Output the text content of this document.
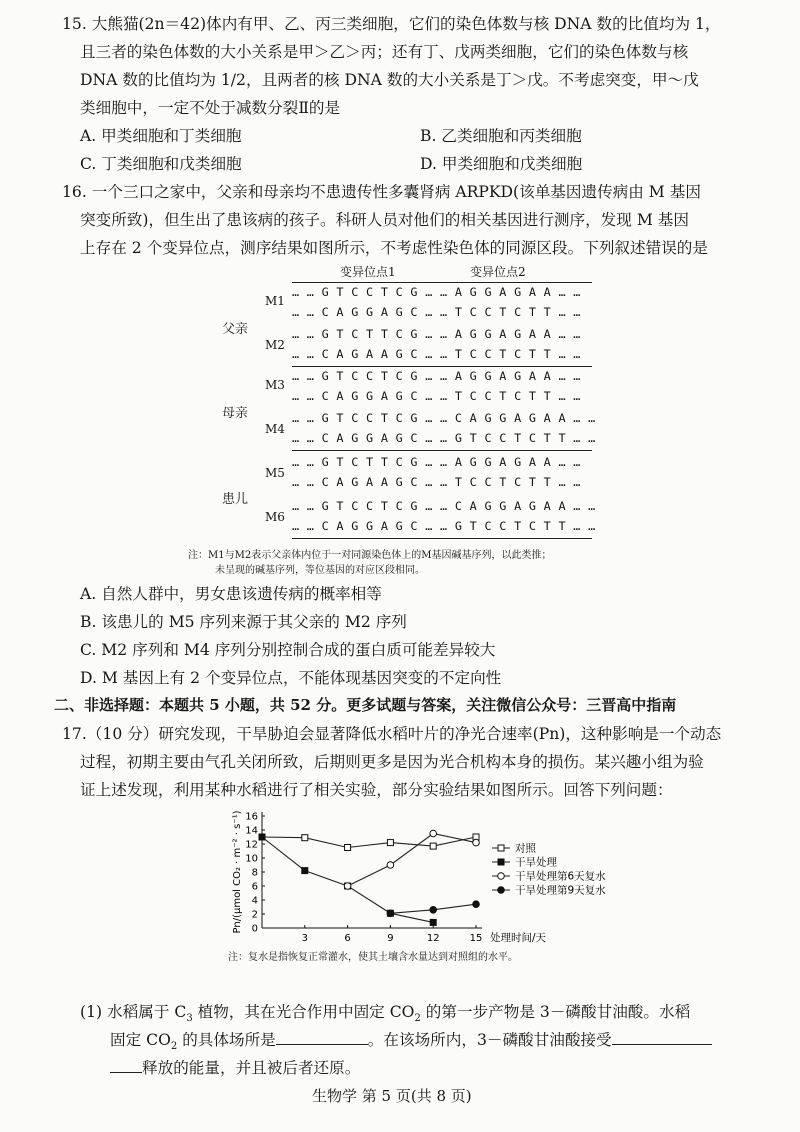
15. 大熊猫(2n＝42)体内有甲、乙、丙三类细胞，它们的染色体数与核 DNA 数的比值均为 1，
且三者的染色体数的大小关系是甲＞乙＞丙；还有丁、戊两类细胞，它们的染色体数与核
DNA 数的比值均为 1/2，且两者的核 DNA 数的大小关系是丁＞戊。不考虑突变，甲～戊
类细胞中，一定不处于减数分裂Ⅱ的是
A. 甲类细胞和丁类细胞	B. 乙类细胞和丙类细胞
C. 丁类细胞和戊类细胞	D. 甲类细胞和戊类细胞
16. 一个三口之家中，父亲和母亲均不患遗传性多囊肾病 ARPKD(该单基因遗传病由 M 基因
突变所致)，但生出了患该病的孩子。科研人员对他们的相关基因进行测序，发现 M 基因
上存在 2 个变异位点，测序结果如图所示，不考虑性染色体的同源区段。下列叙述错误的是
变异位点1	变异位点2
M1
… … G T C C T C G … … A G G A G A A … …
… … C A G G A G C … … T C C T C T T … …
父亲
M2
… … G T C T T C G … … A G G A G A A … …
… … C A G A A G C … … T C C T C T T … …
M3
… … G T C C T C G … … A G G A G A A … …
… … C A G G A G C … … T C C T C T T … …
母亲
M4
… … G T C C T C G … … C A G G A G A A … …
… … C A G G A G C … … G T C C T C T T … …
M5
… … G T C T T C G … … A G G A G A A … …
… … C A G A A G C … … T C C T C T T … …
患儿
M6
… … G T C C T C G … … C A G G A G A A … …
… … C A G G A G C … … G T C C T C T T … …
注：M1与M2表示父亲体内位于一对同源染色体上的M基因碱基序列，以此类推；
未呈现的碱基序列，等位基因的对应区段相同。
A. 自然人群中，男女患该遗传病的概率相等
B. 该患儿的 M5 序列来源于其父亲的 M2 序列
C. M2 序列和 M4 序列分别控制合成的蛋白质可能差异较大
D. M 基因上有 2 个变异位点，不能体现基因突变的不定向性
二、非选择题：本题共 5 小题，共 52 分。更多试题与答案，关注微信公众号：三晋高中指南
17.（10 分）研究发现，干旱胁迫会显著降低水稻叶片的净光合速率(Pn)，这种影响是一个动态
过程，初期主要由气孔关闭所致，后期则更多是因为光合机构本身的损伤。某兴趣小组为验
证上述发现，利用某种水稻进行了相关实验，部分实验结果如图所示。回答下列问题：
0
2
4
6
8
10
12
14
16
3	6	9	12	15 处理时间/天
Pn/(μmol CO₂ · m⁻² · s⁻¹)	对照
干旱处理
干旱处理第6天复水
干旱处理第9天复水
注：复水是指恢复正常灌水，使其土壤含水量达到对照组的水平。
(1) 水稻属于 $C_3$ 植物，其在光合作用中固定 $CO_2$ 的第一步产物是 3－磷酸甘油酸。水稻
固定 $CO_2$ 的具体场所是	。在该场所内，3－磷酸甘油酸接受
释放的能量，并且被后者还原。
生物学 第 5 页(共 8 页)
